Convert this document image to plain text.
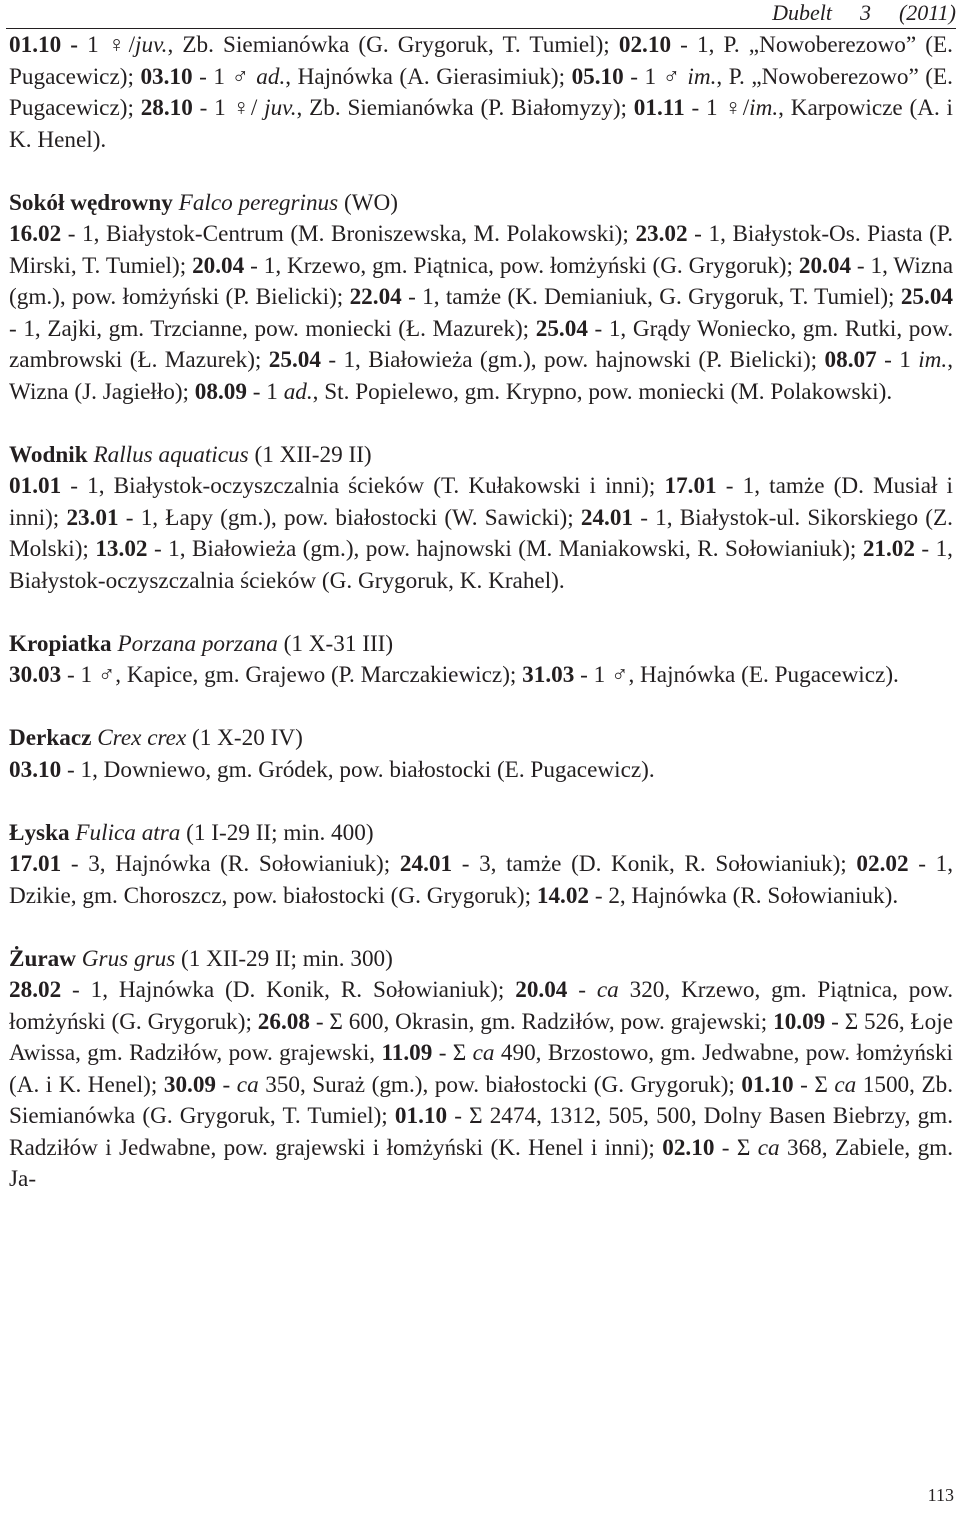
Dubelt 3 (2011)

01.10 - 1 ♀/juv., Zb. Siemianówka (G. Grygoruk, T. Tumiel); 02.10 - 1, P. „Nowoberezowo” (E. Pugacewicz); 03.10 - 1 ♂ ad., Hajnówka (A. Gierasimiuk); 05.10 - 1 ♂ im., P. „Nowoberezowo” (E. Pugacewicz); 28.10 - 1 ♀/ juv., Zb. Siemianówka (P. Białomyzy); 01.11 - 1 ♀/im., Karpowicze (A. i K. Henel).

Sokół wędrowny Falco peregrinus (WO)

16.02 - 1, Białystok-Centrum (M. Broniszewska, M. Polakowski); 23.02 - 1, Białystok-Os. Piasta (P. Mirski, T. Tumiel); 20.04 - 1, Krzewo, gm. Piątnica, pow. łomżyński (G. Grygoruk); 20.04 - 1, Wizna (gm.), pow. łomżyński (P. Bielicki); 22.04 - 1, tamże (K. Demianiuk, G. Grygoruk, T. Tumiel); 25.04 - 1, Zajki, gm. Trzcianne, pow. moniecki (Ł. Mazurek); 25.04 - 1, Grądy Woniecko, gm. Rutki, pow. zambrowski (Ł. Mazurek); 25.04 - 1, Białowieża (gm.), pow. hajnowski (P. Bielicki); 08.07 - 1 im., Wizna (J. Jagiełło); 08.09 - 1 ad., St. Popielewo, gm. Krypno, pow. moniecki (M. Polakowski).

Wodnik Rallus aquaticus (1 XII-29 II)

01.01 - 1, Białystok-oczyszczalnia ścieków (T. Kułakowski i inni); 17.01 - 1, tamże (D. Musiał i inni); 23.01 - 1, Łapy (gm.), pow. białostocki (W. Sawicki); 24.01 - 1, Białystok-ul. Sikorskiego (Z. Molski); 13.02 - 1, Białowieża (gm.), pow. hajnowski (M. Maniakowski, R. Sołowianiuk); 21.02 - 1, Białystok-oczyszczalnia ścieków (G. Grygoruk, K. Krahel).

Kropiatka Porzana porzana (1 X-31 III)

30.03 - 1 ♂, Kapice, gm. Grajewo (P. Marczakiewicz); 31.03 - 1 ♂, Hajnówka (E. Pugacewicz).

Derkacz Crex crex (1 X-20 IV)

03.10 - 1, Downiewo, gm. Gródek, pow. białostocki (E. Pugacewicz).

Łyska Fulica atra (1 I-29 II; min. 400)

17.01 - 3, Hajnówka (R. Sołowianiuk); 24.01 - 3, tamże (D. Konik, R. Sołowianiuk); 02.02 - 1, Dzikie, gm. Choroszcz, pow. białostocki (G. Grygoruk); 14.02 - 2, Hajnówka (R. Sołowianiuk).

Żuraw Grus grus (1 XII-29 II; min. 300)

28.02 - 1, Hajnówka (D. Konik, R. Sołowianiuk); 20.04 - ca 320, Krzewo, gm. Piątnica, pow. łomżyński (G. Grygoruk); 26.08 - Σ 600, Okrasin, gm. Radziłów, pow. grajewski; 10.09 - Σ 526, Łoje Awissa, gm. Radziłów, pow. grajewski, 11.09 - Σ ca 490, Brzostowo, gm. Jedwabne, pow. łomżyński (A. i K. Henel); 30.09 - ca 350, Suraż (gm.), pow. białostocki (G. Grygoruk); 01.10 - Σ ca 1500, Zb. Siemianówka (G. Grygoruk, T. Tumiel); 01.10 - Σ 2474, 1312, 505, 500, Dolny Basen Biebrzy, gm. Radziłów i Jedwabne, pow. grajewski i łomżyński (K. Henel i inni); 02.10 - Σ ca 368, Zabiele, gm. Ja-

113
